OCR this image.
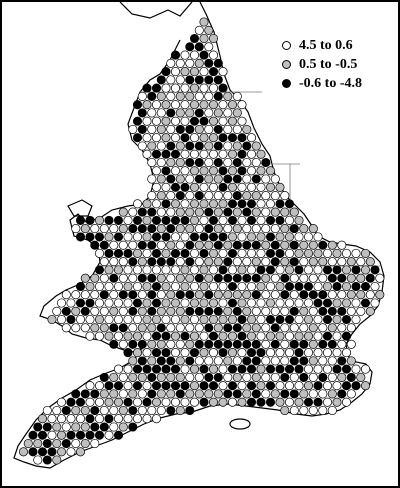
4.5 to 0.6
0.5 to -0.5
-0.6 to -4.8
